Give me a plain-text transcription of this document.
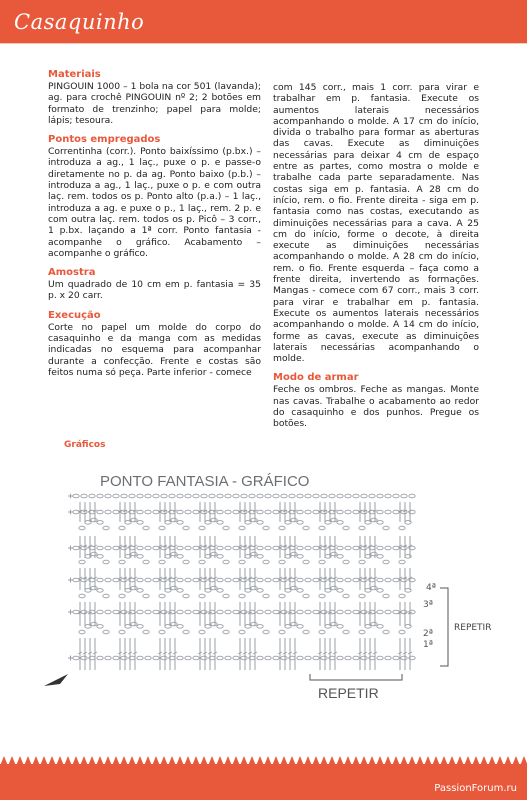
Casaquinho

Materiais

PINGOUIN 1000 – 1 bola na cor 501 (lavanda); ag. para crochê PINGOUIN nº 2; 2 botões em formato de trenzinho; papel para molde; lápis; tesoura.

Pontos empregados

Correntinha (corr.). Ponto baixíssimo (p.bx.) – introduza a ag., 1 laç., puxe o p. e passe-o diretamente no p. da ag. Ponto baixo (p.b.) – introduza a ag., 1 laç., puxe o p. e com outra laç. rem. todos os p. Ponto alto (p.a.) – 1 laç., introduza a ag. e puxe o p., 1 laç., rem. 2 p. e com outra laç. rem. todos os p. Picô – 3 corr., 1 p.bx. laçando a 1ª corr. Ponto fantasia - acompanhe o gráfico. Acabamento – acompanhe o gráfico.

Amostra

Um quadrado de 10 cm em p. fantasia = 35 p. x 20 carr.

Execução

Corte no papel um molde do corpo do casaquinho e da manga com as medidas indicadas no esquema para acompanhar durante a confecção. Frente e costas são feitos numa só peça. Parte inferior - comece

com 145 corr., mais 1 corr. para virar e trabalhar em p. fantasia. Execute os aumentos laterais necessários acompanhando o molde. A 17 cm do início, divida o trabalho para formar as aberturas das cavas. Execute as diminuições necessárias para deixar 4 cm de espaço entre as partes, como mostra o molde e trabalhe cada parte separadamente. Nas costas siga em p. fantasia. A 28 cm do início, rem. o fio. Frente direita - siga em p. fantasia como nas costas, executando as diminuições necessárias para a cava. A 25 cm do início, forme o decote, à direita execute as diminuições necessárias acompanhando o molde. A 28 cm do início, rem. o fio. Frente esquerda – faça como a frente direita, invertendo as formações. Mangas - comece com 67 corr., mais 3 corr. para virar e trabalhar em p. fantasia. Execute os aumentos laterais necessários acompanhando o molde. A 14 cm do início, forme as cavas, execute as diminuições laterais necessárias acompanhando o molde.

Modo de armar

Feche os ombros. Feche as mangas. Monte nas cavas. Trabalhe o acabamento ao redor do casaquinho e dos punhos. Pregue os botões.

Gráficos
PONTO FANTASIA - GRÁFICO
4ª
3ª
2ª
1ª
REPETIR
REPETIR
PassionForum.ru
